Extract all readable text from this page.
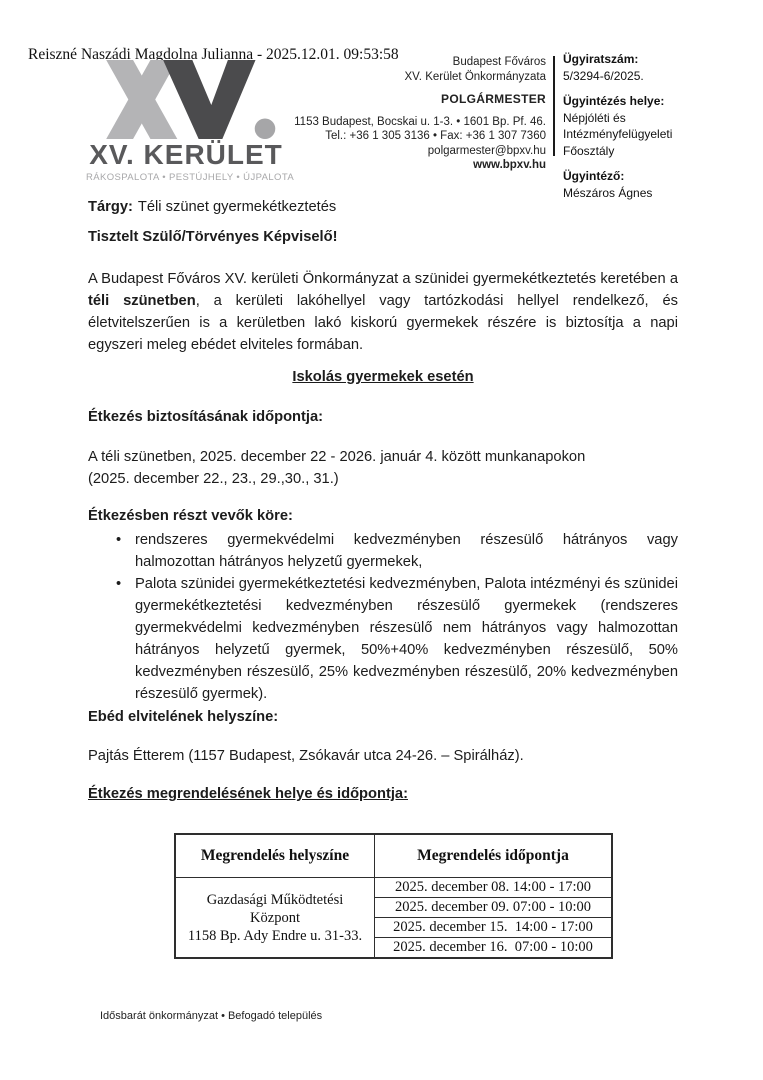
Reiszné Naszádi Magdolna Julianna - 2025.12.01. 09:53:58
XV. KERÜLET
RÁKOSPALOTA • PESTÚJHELY • ÚJPALOTA
Budapest Főváros
XV. Kerület Önkormányzata
POLGÁRMESTER
1153 Budapest, Bocskai u. 1-3. • 1601 Bp. Pf. 46.
Tel.: +36 1 305 3136 • Fax: +36 1 307 7360
polgarmester@bpxv.hu
www.bpxv.hu
Ügyiratszám:
5/3294-6/2025.
Ügyintézés helye:
Népjóléti és
Intézményfelügyeleti
Főosztály
Ügyintéző:
Mészáros Ágnes

Tárgy: Téli szünet gyermekétkeztetés

Tisztelt Szülő/Törvényes Képviselő!

A Budapest Főváros XV. kerületi Önkormányzat a szünidei gyermekétkeztetés keretében a téli szünetben, a kerületi lakóhellyel vagy tartózkodási hellyel rendelkező, és életvitelszerűen is a kerületben lakó kiskorú gyermekek részére is biztosítja a napi egyszeri meleg ebédet elviteles formában.

Iskolás gyermekek esetén

Étkezés biztosításának időpontja:

A téli szünetben, 2025. december 22 - 2026. január 4. között munkanapokon
(2025. december 22., 23., 29.,30., 31.)

Étkezésben részt vevők köre:

• rendszeres gyermekvédelmi kedvezményben részesülő hátrányos vagy halmozottan hátrányos helyzetű gyermekek,
• Palota szünidei gyermekétkeztetési kedvezményben, Palota intézményi és szünidei gyermekétkeztetési kedvezményben részesülő gyermekek (rendszeres gyermekvédelmi kedvezményben részesülő nem hátrányos vagy halmozottan hátrányos helyzetű gyermek, 50%+40% kedvezményben részesülő, 50% kedvezményben részesülő, 25% kedvezményben részesülő, 20% kedvezményben részesülő gyermek).

Ebéd elvitelének helyszíne:

Pajtás Étterem (1157 Budapest, Zsókavár utca 24-26. – Spirálház).

Étkezés megrendelésének helye és időpontja:

Megrendelés helyszíne	Megrendelés időpontja

Gazdasági Működtetési
Központ
1158 Bp. Ady Endre u. 31-33.	2025. december 08. 14:00 - 17:00
	2025. december 09. 07:00 - 10:00
	2025. december 15.  14:00 - 17:00
	2025. december 16.  07:00 - 10:00
Idősbarát önkormányzat • Befogadó település
